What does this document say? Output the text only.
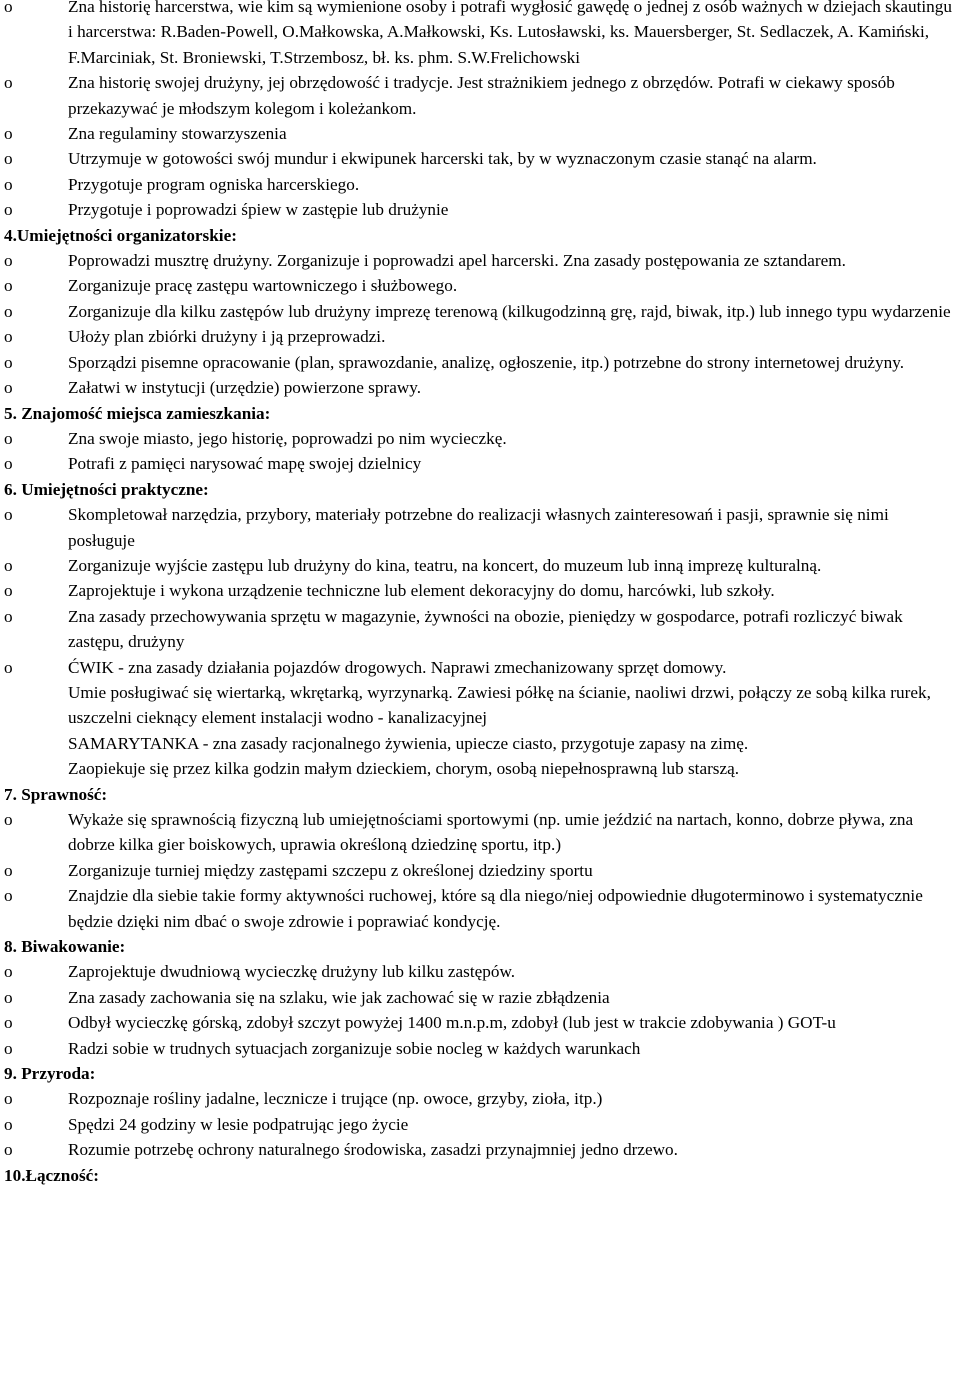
o	Zna historię harcerstwa, wie kim są wymienione osoby i potrafi wygłosić gawędę o jednej z osób ważnych w dziejach skautingu i harcerstwa: R.Baden-Powell, O.Małkowska, A.Małkowski, Ks. Lutosławski, ks. Mauersberger, St. Sedlaczek, A. Kamiński, F.Marciniak, St. Broniewski, T.Strzembosz, bł. ks. phm. S.W.Frelichowski
o	Zna historię swojej drużyny, jej obrzędowość i tradycje. Jest strażnikiem jednego z obrzędów. Potrafi w ciekawy sposób przekazywać je młodszym kolegom i koleżankom.
o	Zna regulaminy stowarzyszenia
o	Utrzymuje w gotowości swój mundur i ekwipunek harcerski tak, by w wyznaczonym czasie stanąć na alarm.
o	Przygotuje program ogniska harcerskiego.
o	Przygotuje i poprowadzi śpiew w zastępie lub drużynie
4.Umiejętności organizatorskie:
o	Poprowadzi musztrę drużyny. Zorganizuje i poprowadzi apel harcerski. Zna zasady postępowania ze sztandarem.
o	Zorganizuje pracę zastępu wartowniczego i służbowego.
o	Zorganizuje dla kilku zastępów lub drużyny imprezę terenową (kilkugodzinną grę, rajd, biwak, itp.) lub innego typu wydarzenie
o	Ułoży plan zbiórki drużyny i ją przeprowadzi.
o	Sporządzi pisemne opracowanie (plan, sprawozdanie, analizę, ogłoszenie, itp.) potrzebne do strony internetowej drużyny.
o	Załatwi w instytucji (urzędzie) powierzone sprawy.
5. Znajomość miejsca zamieszkania:
o	Zna swoje miasto, jego historię, poprowadzi po nim wycieczkę.
o	Potrafi z pamięci narysować mapę swojej dzielnicy
6. Umiejętności praktyczne:
o	Skompletował narzędzia, przybory, materiały potrzebne do realizacji własnych zainteresowań i pasji, sprawnie się nimi posługuje
o	Zorganizuje wyjście zastępu lub drużyny do kina, teatru, na koncert, do muzeum lub inną imprezę kulturalną.
o	Zaprojektuje i wykona urządzenie techniczne lub element dekoracyjny do domu, harcówki, lub szkoły.
o	Zna zasady przechowywania sprzętu w magazynie, żywności na obozie, pieniędzy w gospodarce, potrafi rozliczyć biwak zastępu, drużyny
o	ĆWIK - zna zasady działania pojazdów drogowych. Naprawi zmechanizowany sprzęt domowy.
Umie posługiwać się wiertarką, wkrętarką, wyrzynarką. Zawiesi półkę na ścianie, naoliwi drzwi, połączy ze sobą kilka rurek, uszczelni cieknący element instalacji wodno - kanalizacyjnej
SAMARYTANKA - zna zasady racjonalnego żywienia, upiecze ciasto, przygotuje zapasy na zimę.
Zaopiekuje się przez kilka godzin małym dzieckiem, chorym, osobą niepełnosprawną lub starszą.
7. Sprawność:
o	Wykaże się sprawnością fizyczną lub umiejętnościami sportowymi (np. umie jeździć na nartach, konno, dobrze pływa, zna dobrze kilka gier boiskowych, uprawia określoną dziedzinę sportu, itp.)
o	Zorganizuje turniej między zastępami szczepu z określonej dziedziny sportu
o	Znajdzie dla siebie takie formy aktywności ruchowej, które są dla niego/niej odpowiednie długoterminowo i systematycznie będzie dzięki nim dbać o swoje zdrowie i poprawiać kondycję.
8. Biwakowanie:
o	Zaprojektuje dwudniową wycieczkę drużyny lub kilku zastępów.
o	Zna zasady zachowania się na szlaku, wie jak zachować się w razie zbłądzenia
o	Odbył wycieczkę górską, zdobył szczyt powyżej 1400 m.n.p.m, zdobył (lub jest w trakcie zdobywania ) GOT-u
o	Radzi sobie w trudnych sytuacjach zorganizuje sobie nocleg w każdych warunkach
9. Przyroda:
o	Rozpoznaje rośliny jadalne, lecznicze i trujące (np. owoce, grzyby, zioła, itp.)
o	Spędzi 24 godziny w lesie podpatrując jego życie
o	Rozumie potrzebę ochrony naturalnego środowiska, zasadzi przynajmniej jedno drzewo.
10.Łączność:
